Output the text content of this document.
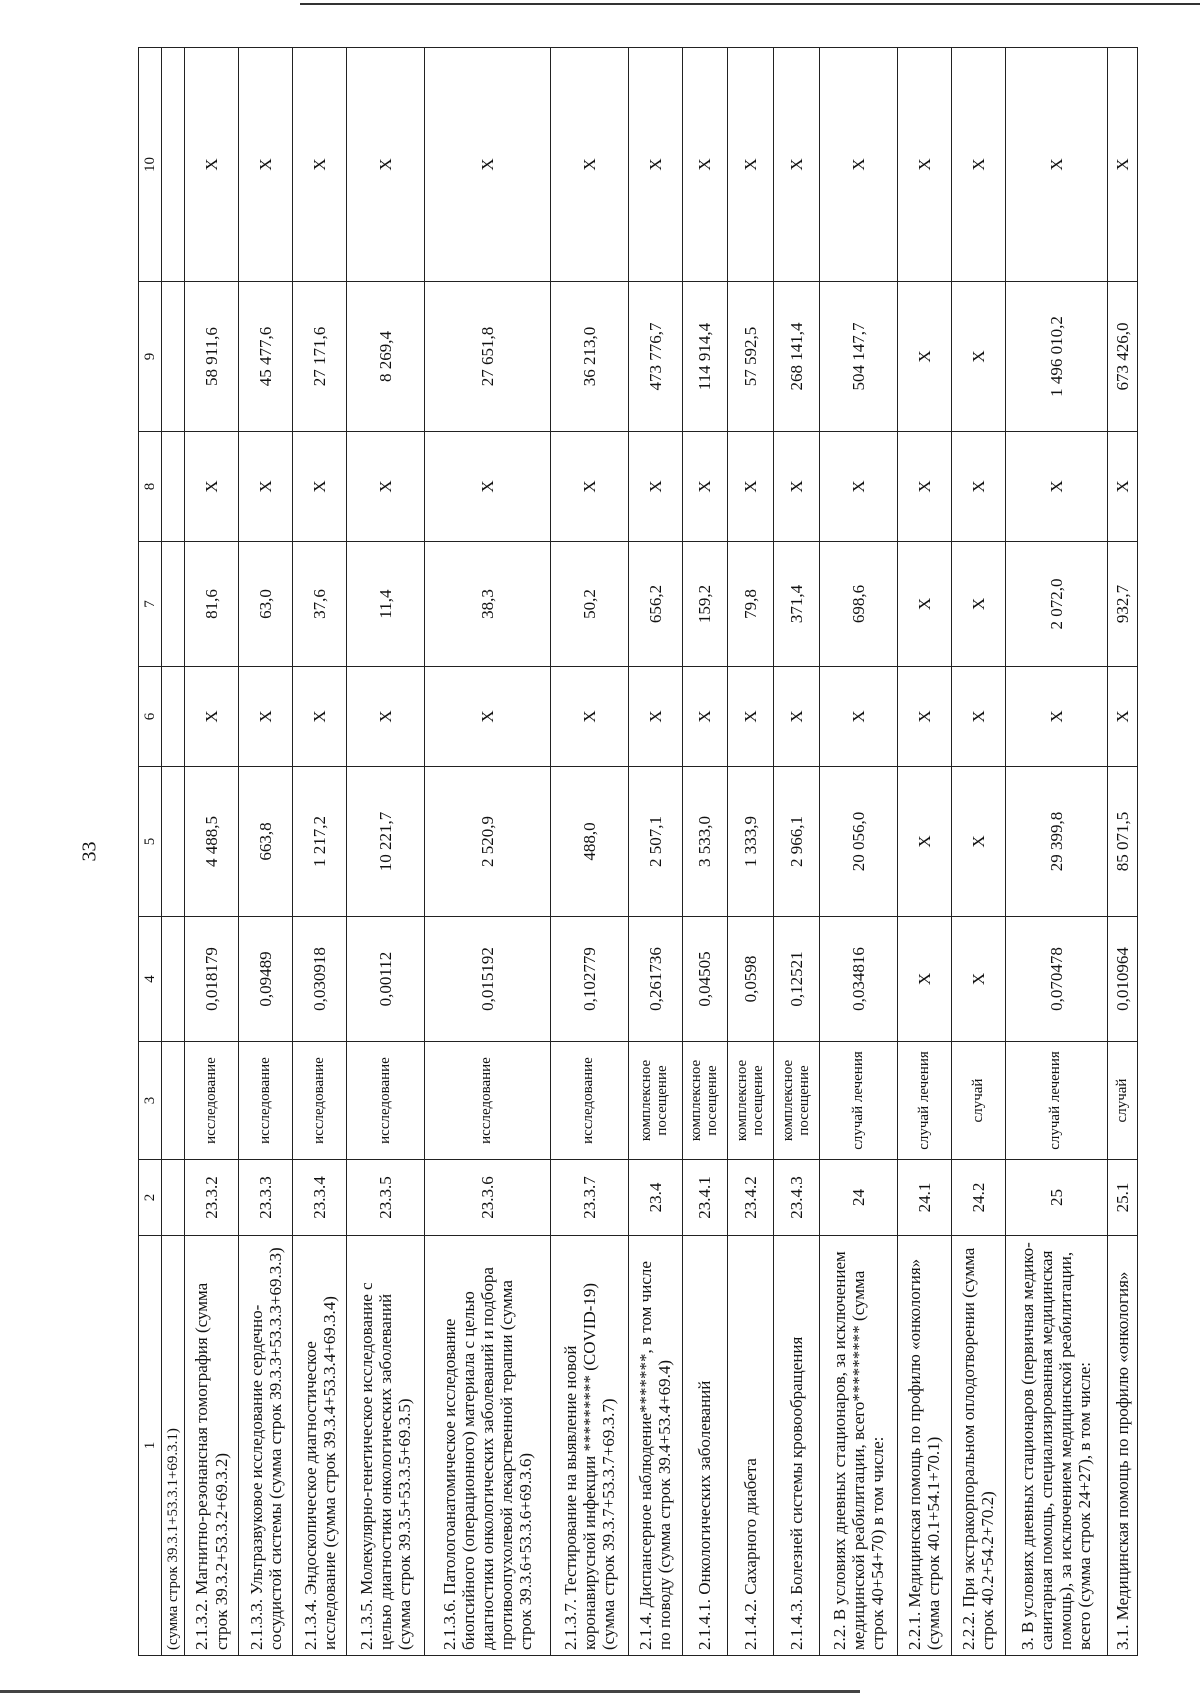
33
1	2	3	4	5	6	7	8	9	10
(сумма строк 39.3.1+53.3.1+69.3.1)									
2.1.3.2. Магнитно-резонансная томография (сумма строк 39.3.2+53.3.2+69.3.2)	23.3.2	исследование	0,018179	4 488,5	Х	81,6	Х	58 911,6	Х
2.1.3.3. Ультразвуковое исследование сердечно-сосудистой системы (сумма строк 39.3.3+53.3.3+69.3.3)	23.3.3	исследование	0,09489	663,8	Х	63,0	Х	45 477,6	Х
2.1.3.4. Эндоскопическое диагностическое исследование (сумма строк 39.3.4+53.3.4+69.3.4)	23.3.4	исследование	0,030918	1 217,2	Х	37,6	Х	27 171,6	Х
2.1.3.5. Молекулярно-генетическое исследование с целью диагностики онкологических заболеваний (сумма строк 39.3.5+53.3.5+69.3.5)	23.3.5	исследование	0,00112	10 221,7	Х	11,4	Х	8 269,4	Х
2.1.3.6. Патологоанатомическое исследование биопсийного (операционного) материала с целью диагностики онкологических заболеваний и подбора противоопухолевой лекарственной терапии (сумма строк 39.3.6+53.3.6+69.3.6)	23.3.6	исследование	0,015192	2 520,9	Х	38,3	Х	27 651,8	Х
2.1.3.7. Тестирование на выявление новой коронавирусной инфекции ********* (COVID-19) (сумма строк 39.3.7+53.3.7+69.3.7)	23.3.7	исследование	0,102779	488,0	Х	50,2	Х	36 213,0	Х
2.1.4. Диспансерное наблюдение*******, в том числе по поводу (сумма строк 39.4+53.4+69.4)	23.4	комплексное посещение	0,261736	2 507,1	Х	656,2	Х	473 776,7	Х
2.1.4.1. Онкологических заболеваний	23.4.1	комплексное посещение	0,04505	3 533,0	Х	159,2	Х	114 914,4	Х
2.1.4.2. Сахарного диабета	23.4.2	комплексное посещение	0,0598	1 333,9	Х	79,8	Х	57 592,5	Х
2.1.4.3. Болезней системы кровообращения	23.4.3	комплексное посещение	0,12521	2 966,1	Х	371,4	Х	268 141,4	Х
2.2. В условиях дневных стационаров, за исключением медицинской реабилитации, всего********* (сумма строк 40+54+70) в том числе:	24	случай лечения	0,034816	20 056,0	Х	698,6	Х	504 147,7	Х
2.2.1. Медицинская помощь по профилю «онкология» (сумма строк 40.1+54.1+70.1)	24.1	случай лечения	Х	Х	Х	Х	Х	Х	Х
2.2.2. При экстракорпоральном оплодотворении (сумма строк 40.2+54.2+70.2)	24.2	случай	Х	Х	Х	Х	Х	Х	Х
3. В условиях дневных стационаров (первичная медико-санитарная помощь, специализированная медицинская помощь), за исключением медицинской реабилитации, всего (сумма строк 24+27), в том числе:	25	случай лечения	0,070478	29 399,8	Х	2 072,0	Х	1 496 010,2	Х
3.1. Медицинская помощь по профилю «онкология»	25.1	случай	0,010964	85 071,5	Х	932,7	Х	673 426,0	Х
